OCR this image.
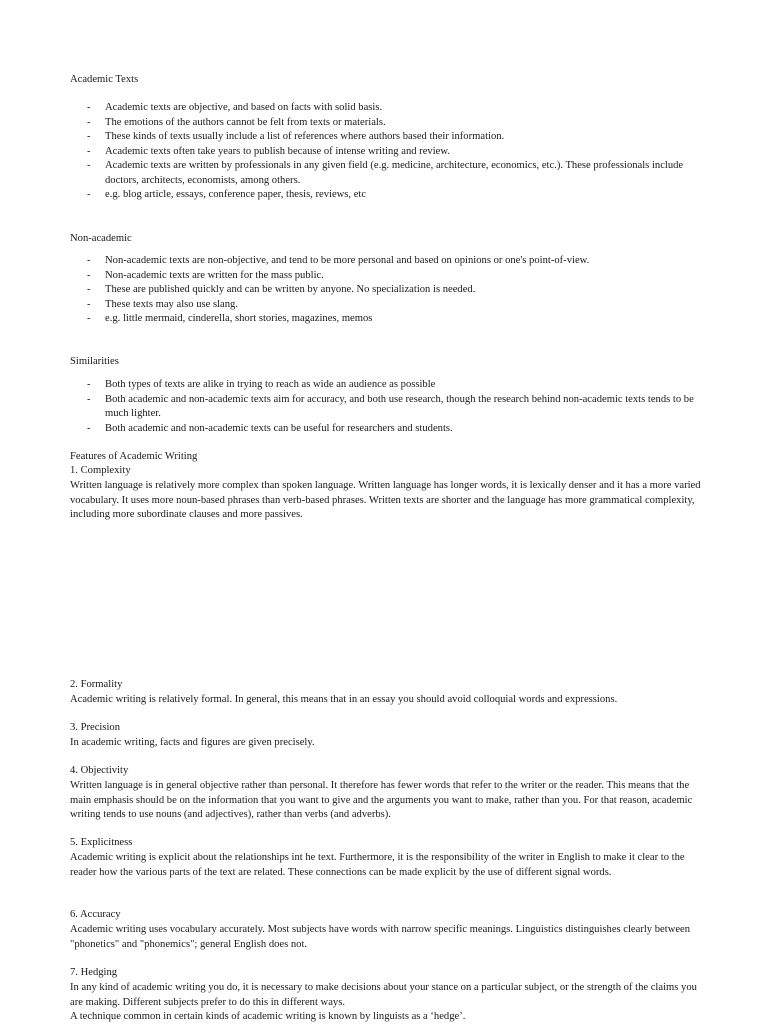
Academic Texts
- Academic texts are objective, and based on facts with solid basis.
- The emotions of the authors cannot be felt from texts or materials.
- These kinds of texts usually include a list of references where authors based their information.
- Academic texts often take years to publish because of intense writing and review.
- Academic texts are written by professionals in any given field (e.g. medicine, architecture, economics, etc.). These professionals include doctors, architects, economists, among others.
- e.g. blog article, essays, conference paper, thesis, reviews, etc
Non-academic
- Non-academic texts are non-objective, and tend to be more personal and based on opinions or one's point-of-view.
- Non-academic texts are written for the mass public.
- These are published quickly and can be written by anyone. No specialization is needed.
- These texts may also use slang.
- e.g. little mermaid, cinderella, short stories, magazines, memos
Similarities
- Both types of texts are alike in trying to reach as wide an audience as possible
- Both academic and non-academic texts aim for accuracy, and both use research, though the research behind non-academic texts tends to be much lighter.
- Both academic and non-academic texts can be useful for researchers and students.
Features of Academic Writing
1. Complexity
Written language is relatively more complex than spoken language. Written language has longer words, it is lexically denser and it has a more varied vocabulary. It uses more noun-based phrases than verb-based phrases. Written texts are shorter and the language has more grammatical complexity, including more subordinate clauses and more passives.
2. Formality
Academic writing is relatively formal. In general, this means that in an essay you should avoid colloquial words and expressions.
3. Precision
In academic writing, facts and figures are given precisely.
4. Objectivity
Written language is in general objective rather than personal. It therefore has fewer words that refer to the writer or the reader. This means that the main emphasis should be on the information that you want to give and the arguments you want to make, rather than you. For that reason, academic writing tends to use nouns (and adjectives), rather than verbs (and adverbs).
5. Explicitness
Academic writing is explicit about the relationships int he text. Furthermore, it is the responsibility of the writer in English to make it clear to the reader how the various parts of the text are related. These connections can be made explicit by the use of different signal words.
6. Accuracy
Academic writing uses vocabulary accurately. Most subjects have words with narrow specific meanings. Linguistics distinguishes clearly between "phonetics" and "phonemics"; general English does not.
7. Hedging
In any kind of academic writing you do, it is necessary to make decisions about your stance on a particular subject, or the strength of the claims you are making. Different subjects prefer to do this in different ways.
A technique common in certain kinds of academic writing is known by linguists as a ‘hedge’.
